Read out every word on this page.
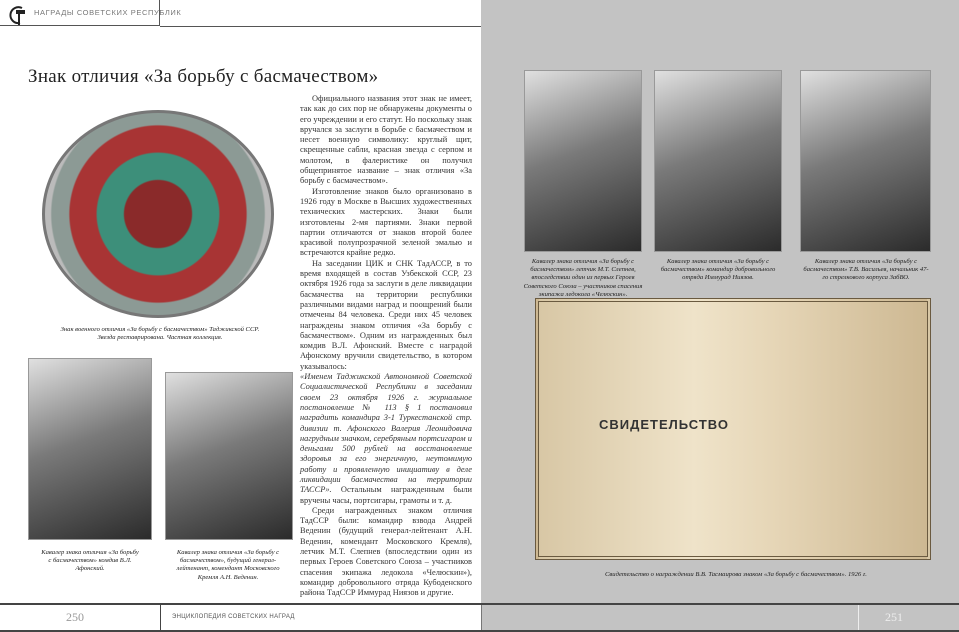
НАГРАДЫ СОВЕТСКИХ РЕСПУБЛИК
Знак отличия «За борьбу с басмачеством»
Знак военного отличия «За борьбу с басмачеством» Таджикской ССР.
Звезда реставрирована. Частная коллекция.
Кавалер знака отличия «За борьбу с басмачеством» комдив В.Л. Афонский.
Кавалер знака отличия «За борьбу с басмачеством», будущий генерал-лейтенант, комендант Московского Кремля А.Н. Веденин.

Официального названия этот знак не имеет, так как до сих пор не обнаружены документы о его учреждении и его статут. Но поскольку знак вручался за заслуги в борьбе с басмачеством и несет военную символику: круглый щит, скрещенные сабли, красная звезда с серпом и молотом, в фалеристике он получил общепринятое название – знак отличия «За борьбу с басмачеством».

Изготовление знаков было организовано в 1926 году в Москве в Высших художественных технических мастерских. Знаки были изготовлены 2-мя партиями. Знаки первой партии отличаются от знаков второй более красивой полупрозрачной зеленой эмалью и встречаются крайне редко.

На заседании ЦИК и СНК ТадАССР, в то время входящей в состав Узбекской ССР, 23 октября 1926 года за заслуги в деле ликвидации басмачества на территории республики различными видами наград и поощрений были отмечены 84 человека. Среди них 45 человек награждены знаком отличия «За борьбу с басмачеством». Одним из награжденных был комдив В.Л. Афонский. Вместе с наградой Афонскому вручили свидетельство, в котором указывалось:

«Именем Таджикской Автономной Советской Социалистической Республики в заседании своем 23 октября 1926 г. журнальное постановление № 113 § 1 постановил наградить командира 3-1 Туркестанской стр. дивизии т. Афонского Валерия Леонидовича нагрудным значком, серебряным портсигаром и деньгами 500 рублей на восстановление здоровья за его энергичную, неутомимую работу и проявленную инициативу в деле ликвидации басмачества на территории ТАССР». Остальным награжденным были вручены часы, портсигары, грамоты и т. д.

Среди награжденных знаком отличия ТадССР были: командир взвода Андрей Веденин (будущий генерал-лейтенант А.Н. Веденин, комендант Московского Кремля), летчик М.Т. Слепнев (впоследствии один из первых Героев Советского Союза – участников спасения экипажа ледокола «Челюскин»), командир добровольного отряда Кубоденского района ТадССР Иммурад Ниязов и другие.

Кавалер знака отличия «За борьбу с басмачеством» летчик М.Т. Слепнев, впоследствии один из первых Героев Советского Союза – участников спасения экипажа ледокола «Челюскин».
Кавалер знака отличия «За борьбу с басмачеством» командир добровольного отряда Иммурад Ниязов.
Кавалер знака отличия «За борьбу с басмачеством» Т.В. Васильев, начальник 47-го стрелкового корпуса ЗабВО.
СВИДЕТЕЛЬСТВО
Свидетельство о награждении В.В. Тасмаирова знаком «За борьбу с басмачеством». 1926 г.
250	ЭНЦИКЛОПЕДИЯ СОВЕТСКИХ НАГРАД	251
